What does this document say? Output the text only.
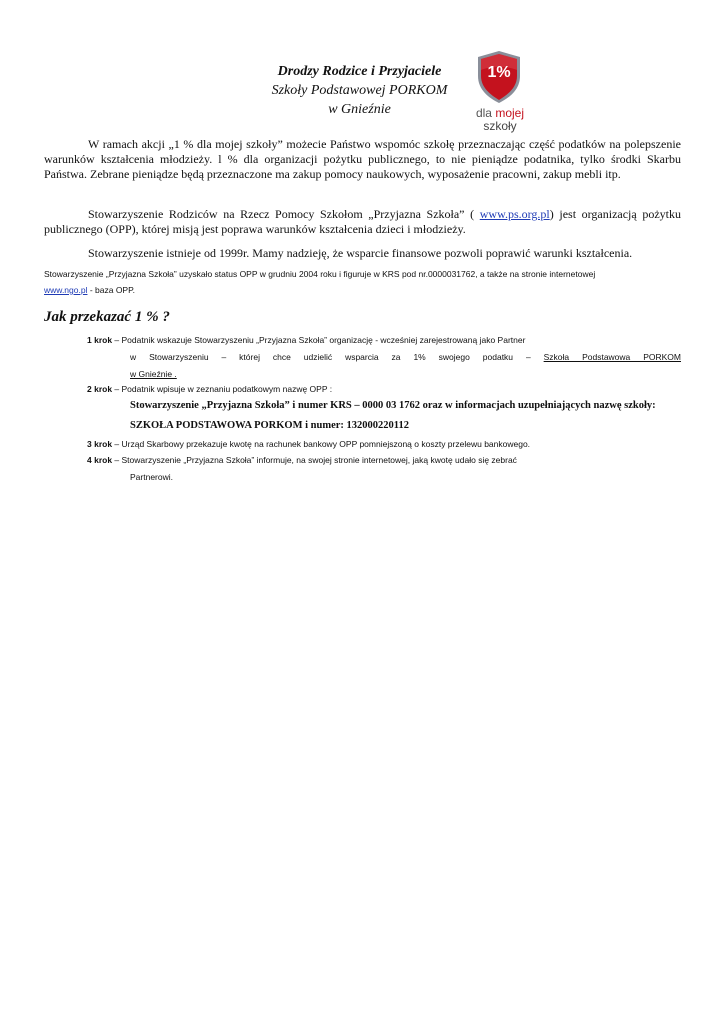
Drodzy Rodzice i Przyjaciele
Szkoły Podstawowej PORKOM
w Gnieźnie
1%
dla mojej
szkoły
W ramach akcji „1 % dla mojej szkoły” możecie Państwo wspomóc szkołę przeznaczając część podatków na polepszenie warunków kształcenia młodzieży. l % dla organizacji pożytku publicznego, to nie pieniądze podatnika, tylko środki Skarbu Państwa. Zebrane pieniądze będą przeznaczone ma zakup pomocy naukowych, wyposażenie pracowni, zakup mebli itp.
Stowarzyszenie Rodziców na Rzecz Pomocy Szkołom „Przyjazna Szkoła” ( www.ps.org.pl) jest organizacją pożytku publicznego (OPP), której misją jest poprawa warunków kształcenia dzieci i młodzieży.
Stowarzyszenie istnieje od 1999r. Mamy nadzieję, że wsparcie finansowe pozwoli poprawić warunki kształcenia.
Stowarzyszenie „Przyjazna Szkoła” uzyskało status OPP w grudniu 2004 roku i figuruje w KRS pod nr.0000031762, a także na stronie internetowej
www.ngo.pl - baza OPP.
Jak przekazać 1 % ?
1 krok – Podatnik wskazuje Stowarzyszeniu „Przyjazna Szkoła” organizację - wcześniej zarejestrowaną jako Partner
w Stowarzyszeniu – której chce udzielić wsparcia za 1% swojego podatku – Szkoła Podstawowa PORKOM
w Gnieźnie .
2 krok – Podatnik wpisuje w zeznaniu podatkowym nazwę OPP :
Stowarzyszenie „Przyjazna Szkoła” i numer KRS – 0000 03 1762 oraz w informacjach uzupełniających nazwę szkoły:
SZKOŁA PODSTAWOWA PORKOM i numer: 132000220112
3 krok – Urząd Skarbowy przekazuje kwotę na rachunek bankowy OPP pomniejszoną o koszty przelewu bankowego.
4 krok – Stowarzyszenie „Przyjazna Szkoła” informuje, na swojej stronie internetowej, jaką kwotę udało się zebrać
Partnerowi.
